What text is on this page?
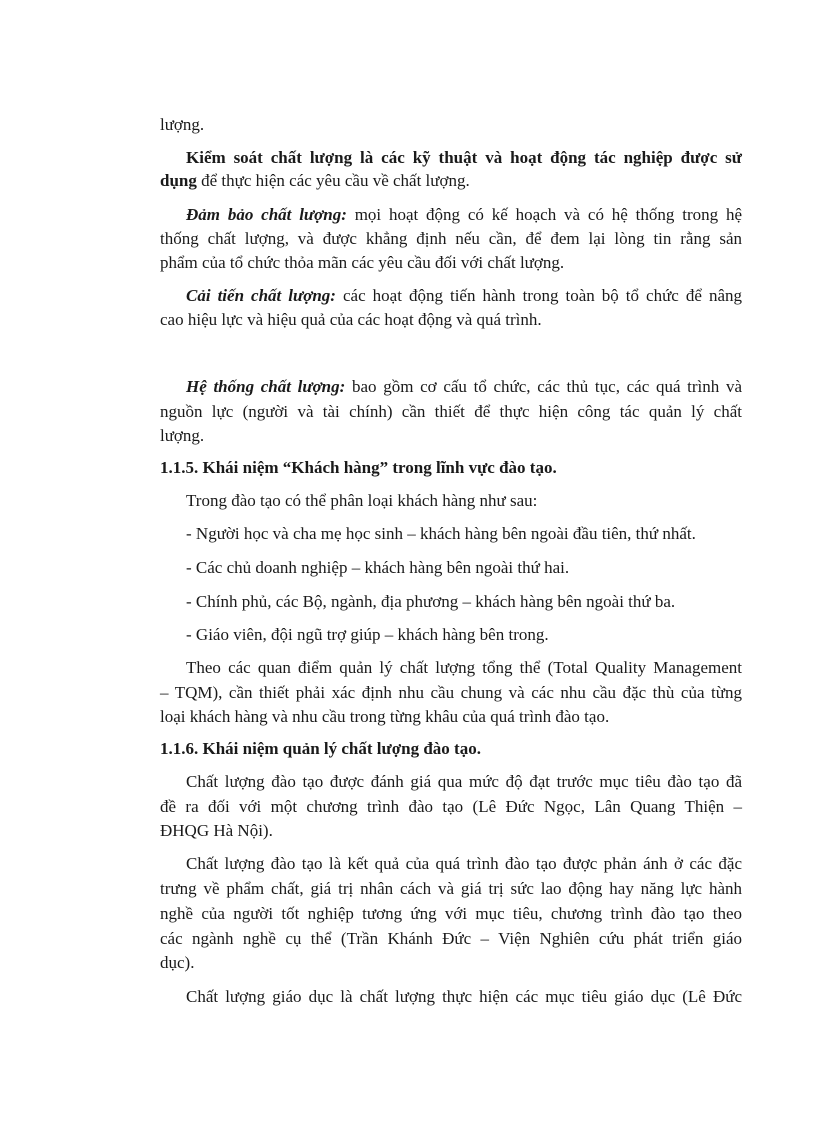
lượng.
Kiểm soát chất lượng là các kỹ thuật và hoạt động tác nghiệp được sử
dụng để thực hiện các yêu cầu về chất lượng.
Đảm bảo chất lượng: mọi hoạt động có kế hoạch và có hệ thống trong hệ
thống chất lượng, và được khẳng định nếu cần, để đem lại lòng tin rằng sản
phẩm của tổ chức thỏa mãn các yêu cầu đối với chất lượng.
Cải tiến chất lượng: các hoạt động tiến hành trong toàn bộ tổ chức để nâng
cao hiệu lực và hiệu quả của các hoạt động và quá trình.
Hệ thống chất lượng: bao gồm cơ cấu tổ chức, các thủ tục, các quá trình và
nguồn lực (người và tài chính) cần thiết để thực hiện công tác quản lý chất
lượng.
1.1.5. Khái niệm “Khách hàng” trong lĩnh vực đào tạo.
Trong đào tạo có thể phân loại khách hàng như sau:
- Người học và cha mẹ học sinh – khách hàng bên ngoài đầu tiên, thứ nhất.
- Các chủ doanh nghiệp – khách hàng bên ngoài thứ hai.
- Chính phủ, các Bộ, ngành, địa phương – khách hàng bên ngoài thứ ba.
- Giáo viên, đội ngũ trợ giúp – khách hàng bên trong.
Theo các quan điểm quản lý chất lượng tổng thể (Total Quality Management
– TQM), cần thiết phải xác định nhu cầu chung và các nhu cầu đặc thù của từng
loại khách hàng và nhu cầu trong từng khâu của quá trình đào tạo.
1.1.6. Khái niệm quản lý chất lượng đào tạo.
Chất lượng đào tạo được đánh giá qua mức độ đạt trước mục tiêu đào tạo đã
đề ra đối với một chương trình đào tạo (Lê Đức Ngọc, Lân Quang Thiện –
ĐHQG Hà Nội).
Chất lượng đào tạo là kết quả của quá trình đào tạo được phản ánh ở các đặc
trưng về phẩm chất, giá trị nhân cách và giá trị sức lao động hay năng lực hành
nghề của người tốt nghiệp tương ứng với mục tiêu, chương trình đào tạo theo
các ngành nghề cụ thể (Trần Khánh Đức – Viện Nghiên cứu phát triển giáo
dục).
Chất lượng giáo dục là chất lượng thực hiện các mục tiêu giáo dục (Lê Đức
